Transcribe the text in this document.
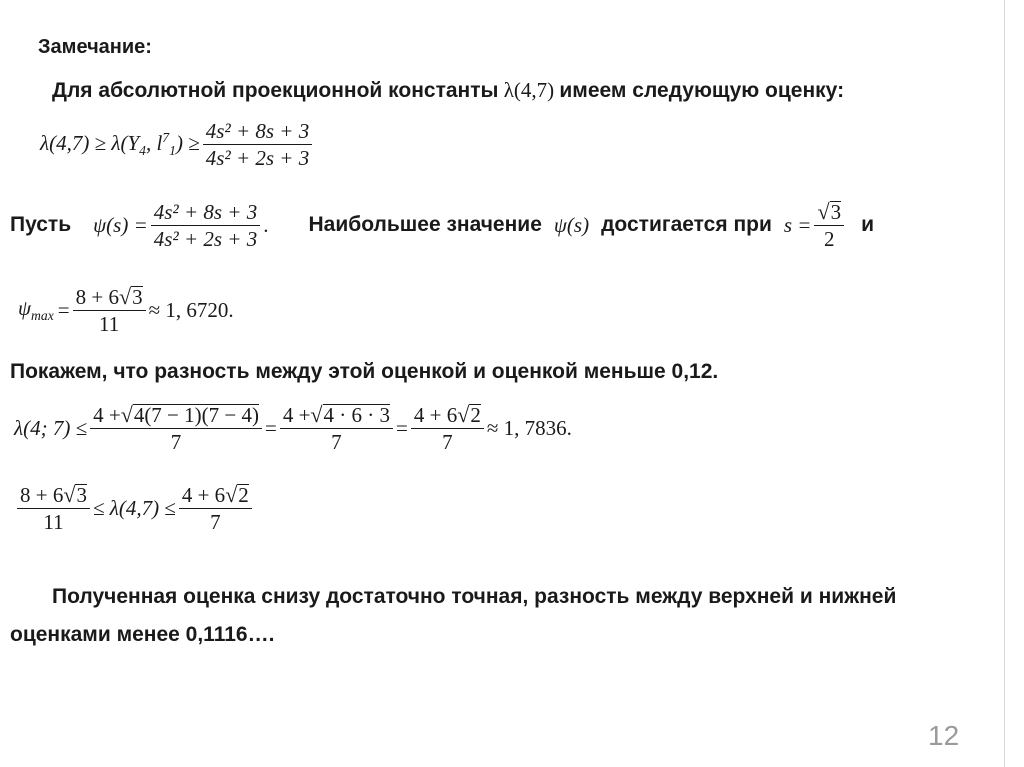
Замечание:
Для абсолютной проекционной константы λ(4,7) имеем следующую оценку:
$\lambda(4,7) \ge \lambda(Y_4$, $l^7_1) \ge \frac{\text{4s² + 8s + 3}}{\text{4s² + 2s + 3}}$
Пусть $\psi(s) = \frac{\text{4s² + 8s + 3}}{\text{4s² + 2s + 3}}$ . Наибольшее значение ψ(s) достигается при $s = \frac{√3}{2}$ и
$\psi_{max} = \frac{8 + 6√3}{11} \approx 1$, 6720.
Покажем, что разность между этой оценкой и оценкой меньше 0,12.
λ(4; $7) \le \frac{4 +√4(7 - 1)(7 - 4)}{7} = \frac{4 +√4 \cdot 6 \cdot 3}{7} = \frac{4 + 6√2}{7} \approx 1$, 7836.
$\frac{8 + 6√3}{11} \le \lambda(4,7) \le \frac{4 + 6√2}{7}$
Полученная оценка снизу достаточно точная, разность между верхней и нижней
оценками менее 0,1116….
12
